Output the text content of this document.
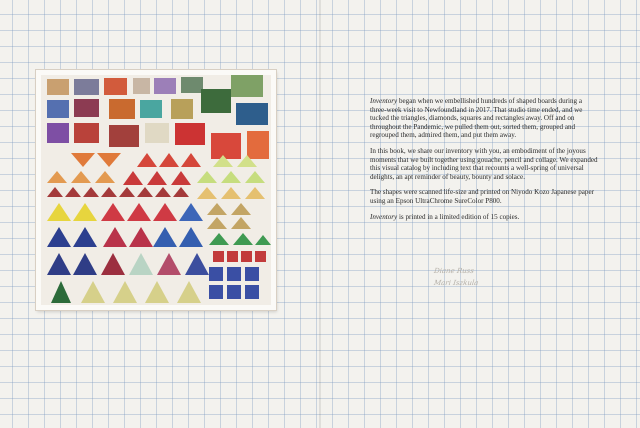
Inventory began when we embellished hundreds of shaped boards during a three-week visit to Newfoundland in 2017. That studio time ended, and we tucked the triangles, diamonds, squares and rectangles away. Off and on throughout the Pandemic, we pulled them out, sorted them, grouped and regrouped them, admired them, and put them away.

In this book, we share our inventory with you, an embodiment of the joyous moments that we built together using gouache, pencil and collage. We expanded this visual catalog by including text that recounts a well-spring of universal delights, an apt reminder of beauty, bounty and solace.

The shapes were scanned life-size and printed on Niyodo Kozo Japanese paper using an Epson UltraChrome SureColor P800.

Inventory is printed in a limited edition of 15 copies.

Diane Russ
Mari Iszkula
